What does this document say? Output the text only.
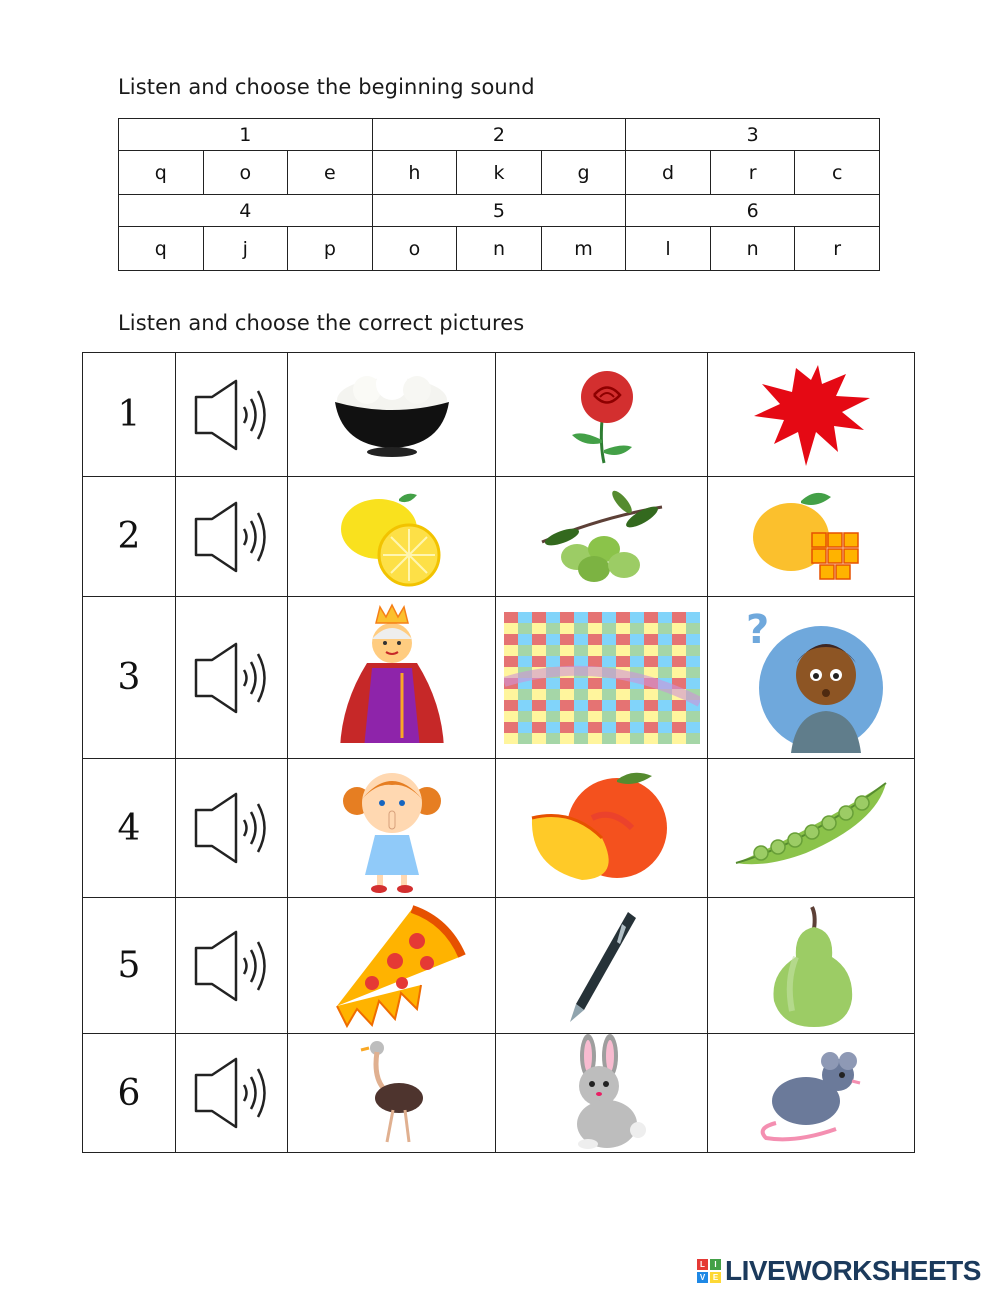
Listen and choose the beginning sound
1			2			3		
q	o	e	h	k	g	d	r	c
4			5			6		
q	j	p	o	n	m	l	n	r
Listen and choose the correct pictures
1	

2	

3				?

4	

5	

6	

L	I
V E LIVEWORKSHEETS
